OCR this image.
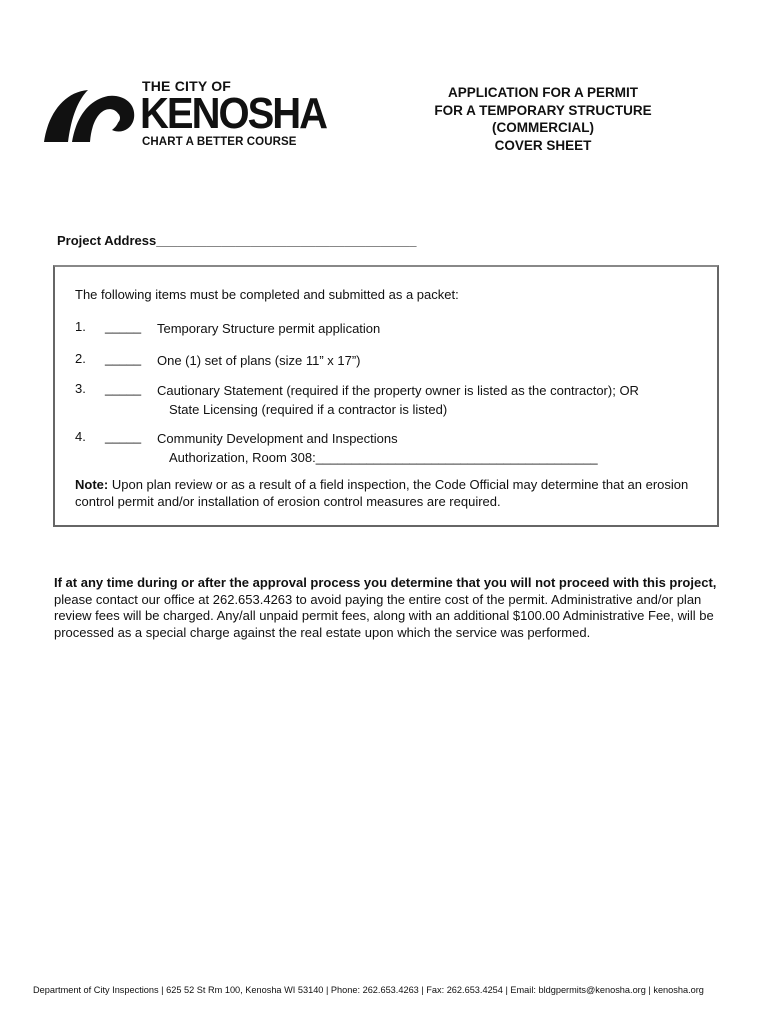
THE CITY OF
KENOSHA
CHART A BETTER COURSE
APPLICATION FOR A PERMIT
FOR A TEMPORARY STRUCTURE
(COMMERCIAL)
COVER SHEET
Project Address____________________________________
The following items must be completed and submitted as a packet:
1. _____ Temporary Structure permit application
2. _____ One (1) set of plans (size 11” x 17”)
3. _____ Cautionary Statement (required if the property owner is listed as the contractor); OR
State Licensing (required if a contractor is listed)
4. _____ Community Development and Inspections
Authorization, Room 308:_______________________________________
Note: Upon plan review or as a result of a field inspection, the Code Official may determine that an erosion control permit and/or installation of erosion control measures are required.
If at any time during or after the approval process you determine that you will not proceed with this project, please contact our office at 262.653.4263 to avoid paying the entire cost of the permit. Administrative and/or plan review fees will be charged. Any/all unpaid permit fees, along with an additional $100.00 Administrative Fee, will be processed as a special charge against the real estate upon which the service was performed.
Department of City Inspections | 625 52 St Rm 100, Kenosha WI 53140 | Phone: 262.653.4263 | Fax: 262.653.4254 | Email: bldgpermits@kenosha.org | kenosha.org
